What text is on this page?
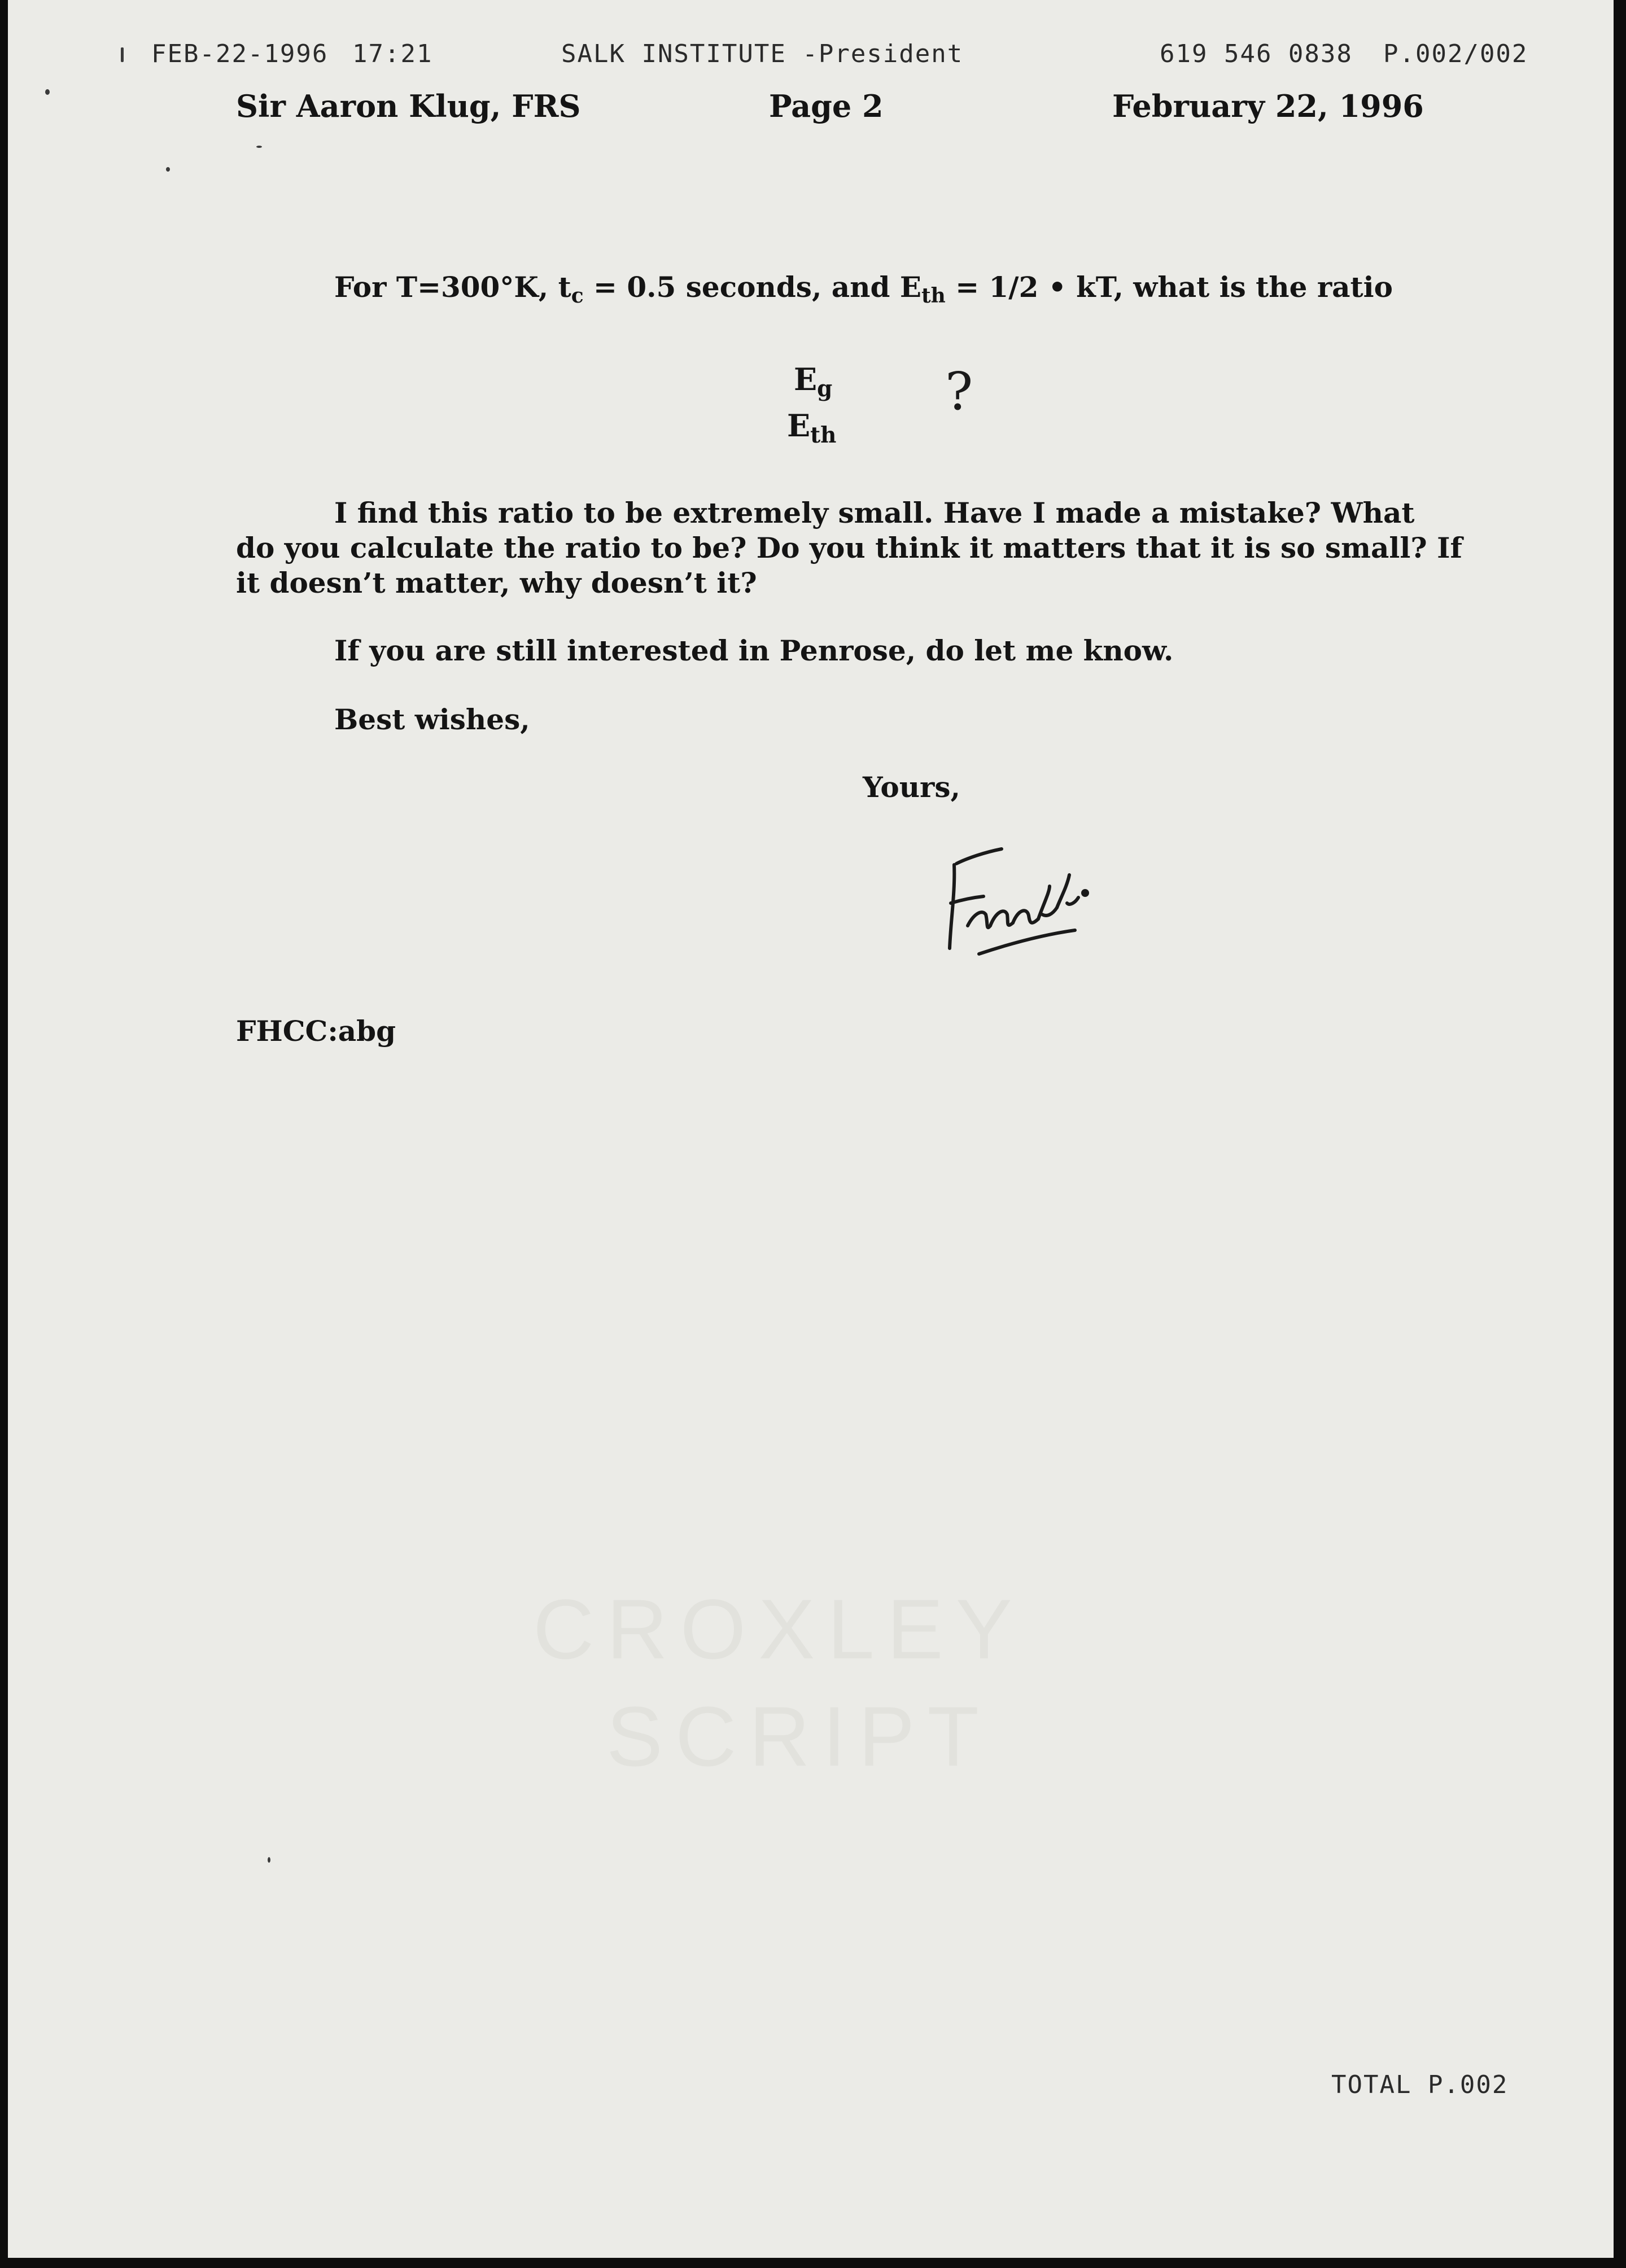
FEB-22-1996 17:21	SALK INSTITUTE -President	619 546 0838 P.002/002
Sir Aaron Klug, FRS	Page 2	February 22, 1996
For T=300°K, $t_c = 0.5$ seconds, and $E_{th} = 1/2$ • kT, what is the ratio
$E_g$
$E_{th}$
?
I find this ratio to be extremely small. Have I made a mistake? What
do you calculate the ratio to be? Do you think it matters that it is so small? If
it doesn’t matter, why doesn’t it?
If you are still interested in Penrose, do let me know.
Best wishes,
Yours,
FHCC:abg
CROXLEY
SCRIPT
TOTAL P.002
